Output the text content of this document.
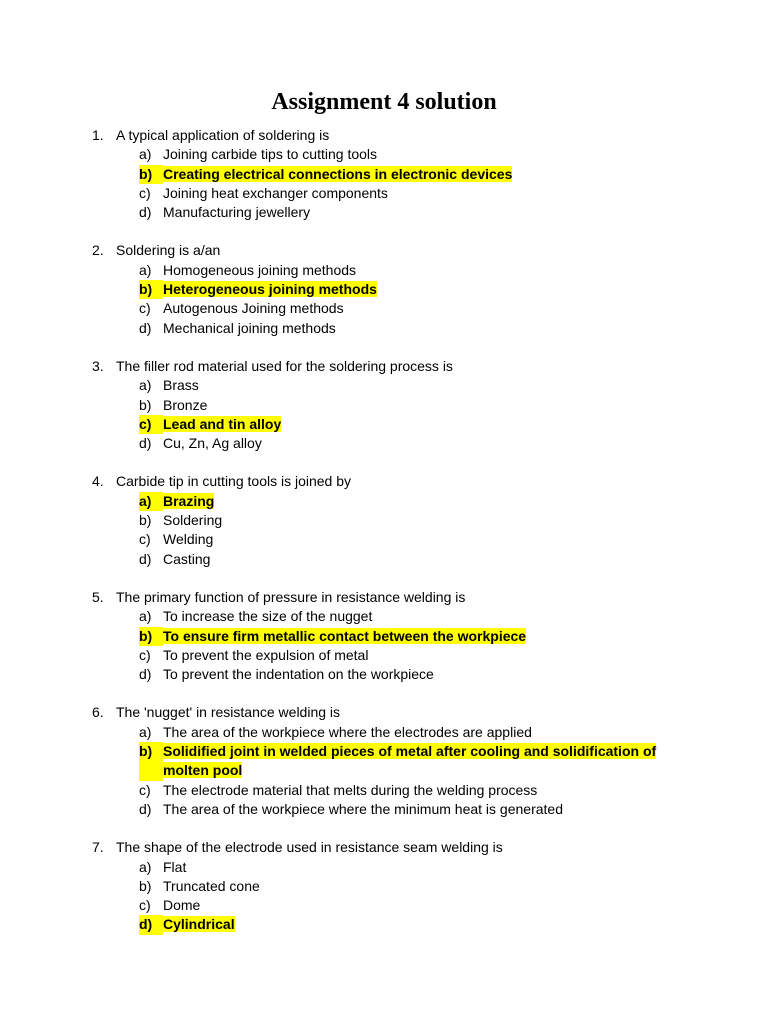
Assignment 4 solution
1. A typical application of soldering is
a) Joining carbide tips to cutting tools
b) Creating electrical connections in electronic devices
c) Joining heat exchanger components
d) Manufacturing jewellery
2. Soldering is a/an
a) Homogeneous joining methods
b) Heterogeneous joining methods
c) Autogenous Joining methods
d) Mechanical joining methods
3. The filler rod material used for the soldering process is
a) Brass
b) Bronze
c) Lead and tin alloy
d) Cu, Zn, Ag alloy
4. Carbide tip in cutting tools is joined by
a) Brazing
b) Soldering
c) Welding
d) Casting
5. The primary function of pressure in resistance welding is
a) To increase the size of the nugget
b) To ensure firm metallic contact between the workpiece
c) To prevent the expulsion of metal
d) To prevent the indentation on the workpiece
6. The 'nugget' in resistance welding is
a) The area of the workpiece where the electrodes are applied
b) Solidified joint in welded pieces of metal after cooling and solidification of molten pool
c) The electrode material that melts during the welding process
d) The area of the workpiece where the minimum heat is generated
7. The shape of the electrode used in resistance seam welding is
a) Flat
b) Truncated cone
c) Dome
d) Cylindrical
